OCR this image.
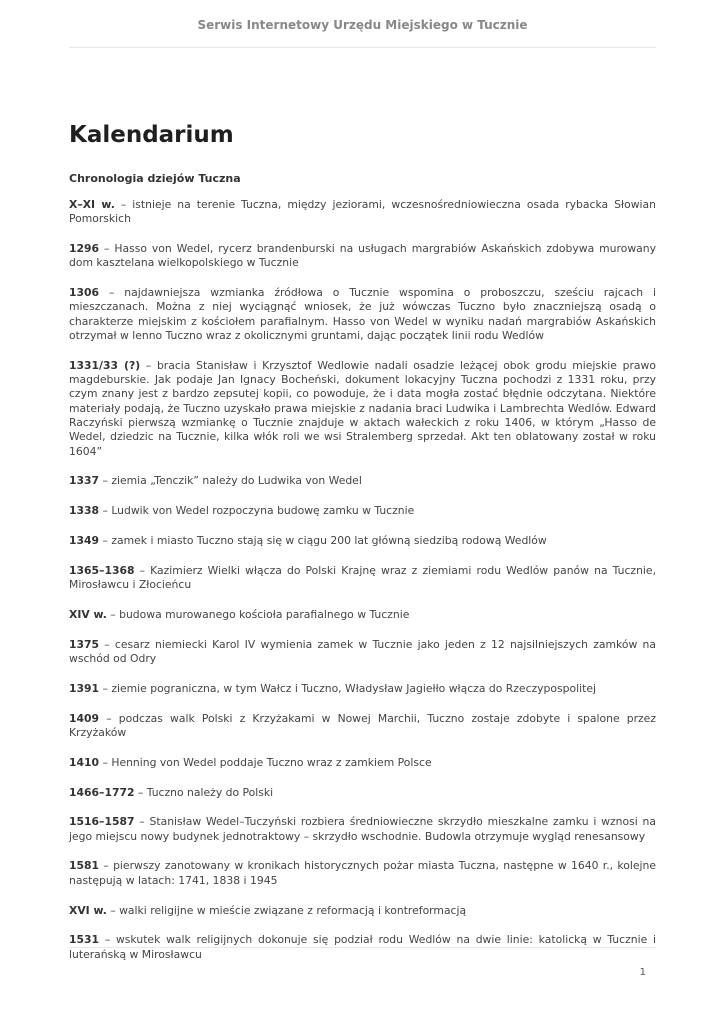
Serwis Internetowy Urzędu Miejskiego w Tucznie
Kalendarium

Chronologia dziejów Tuczna

X–XI w. – istnieje na terenie Tuczna, między jeziorami, wczesnośredniowieczna osada rybacka Słowian Pomorskich

1296 – Hasso von Wedel, rycerz brandenburski na usługach margrabiów Askańskich zdobywa murowany dom kasztelana wielkopolskiego w Tucznie

1306 – najdawniejsza wzmianka źródłowa o Tucznie wspomina o proboszczu, sześciu rajcach i mieszczanach. Można z niej wyciągnąć wniosek, że już wówczas Tuczno było znaczniejszą osadą o charakterze miejskim z kościołem parafialnym. Hasso von Wedel w wyniku nadań margrabiów Askańskich otrzymał w lenno Tuczno wraz z okolicznymi gruntami, dając początek linii rodu Wedlów

1331/33 (?) – bracia Stanisław i Krzysztof Wedlowie nadali osadzie leżącej obok grodu miejskie prawo magdeburskie. Jak podaje Jan Ignacy Bocheński, dokument lokacyjny Tuczna pochodzi z 1331 roku, przy czym znany jest z bardzo zepsutej kopii, co powoduje, że i data mogła zostać błędnie odczytana. Niektóre materiały podają, że Tuczno uzyskało prawa miejskie z nadania braci Ludwika i Lambrechta Wedlów. Edward Raczyński pierwszą wzmiankę o Tucznie znajduje w aktach wałeckich z roku 1406, w którym „Hasso de Wedel, dziedzic na Tucznie, kilka włók roli we wsi Stralemberg sprzedał. Akt ten oblatowany został w roku 1604”

1337 – ziemia „Tenczik” należy do Ludwika von Wedel

1338 – Ludwik von Wedel rozpoczyna budowę zamku w Tucznie

1349 – zamek i miasto Tuczno stają się w ciągu 200 lat główną siedzibą rodową Wedlów

1365–1368 – Kazimierz Wielki włącza do Polski Krajnę wraz z ziemiami rodu Wedlów panów na Tucznie, Mirosławcu i Złocieńcu

XIV w. – budowa murowanego kościoła parafialnego w Tucznie

1375 – cesarz niemiecki Karol IV wymienia zamek w Tucznie jako jeden z 12 najsilniejszych zamków na wschód od Odry

1391 – ziemie pograniczna, w tym Wałcz i Tuczno, Władysław Jagiełło włącza do Rzeczypospolitej

1409 – podczas walk Polski z Krzyżakami w Nowej Marchii, Tuczno zostaje zdobyte i spalone przez Krzyżaków

1410 – Henning von Wedel poddaje Tuczno wraz z zamkiem Polsce

1466–1772 – Tuczno należy do Polski

1516–1587 – Stanisław Wedel–Tuczyński rozbiera średniowieczne skrzydło mieszkalne zamku i wznosi na jego miejscu nowy budynek jednotraktowy – skrzydło wschodnie. Budowla otrzymuje wygląd renesansowy

1581 – pierwszy zanotowany w kronikach historycznych pożar miasta Tuczna, następne w 1640 r., kolejne następują w latach: 1741, 1838 i 1945

XVI w. – walki religijne w mieście związane z reformacją i kontreformacją

1531 – wskutek walk religijnych dokonuje się podział rodu Wedlów na dwie linie: katolicką w Tucznie i luterańską w Mirosławcu

1
